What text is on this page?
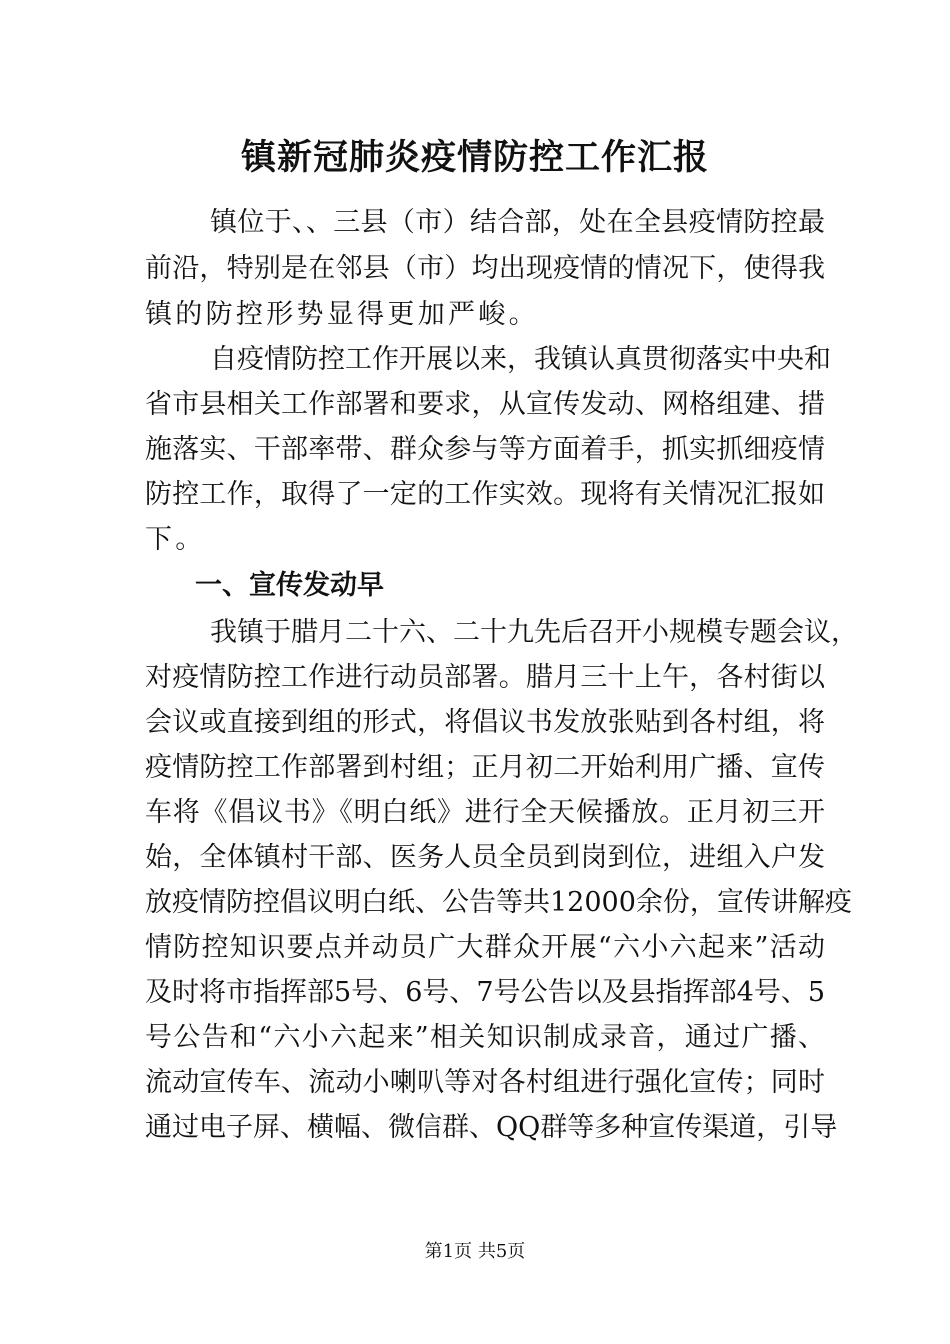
镇新冠肺炎疫情防控工作汇报
镇位于、、三县（市）结合部，处在全县疫情防控最
前沿，特别是在邻县（市）均出现疫情的情况下，使得我
镇的防控形势显得更加严峻。
自疫情防控工作开展以来，我镇认真贯彻落实中央和
省市县相关工作部署和要求，从宣传发动、网格组建、措
施落实、干部率带、群众参与等方面着手，抓实抓细疫情
防控工作，取得了一定的工作实效。现将有关情况汇报如
下。
一、宣传发动早
我镇于腊月二十六、二十九先后召开小规模专题会议，
对疫情防控工作进行动员部署。腊月三十上午，各村街以
会议或直接到组的形式，将倡议书发放张贴到各村组，将
疫情防控工作部署到村组；正月初二开始利用广播、宣传
车将《倡议书》《明白纸》进行全天候播放。正月初三开
始，全体镇村干部、医务人员全员到岗到位，进组入户发
放疫情防控倡议明白纸、公告等共12000余份，宣传讲解疫
情防控知识要点并动员广大群众开展“六小六起来”活动
及时将市指挥部5号、6号、7号公告以及县指挥部4号、5
号公告和“六小六起来”相关知识制成录音，通过广播、
流动宣传车、流动小喇叭等对各村组进行强化宣传；同时
通过电子屏、横幅、微信群、QQ群等多种宣传渠道，引导
第1页 共5页
